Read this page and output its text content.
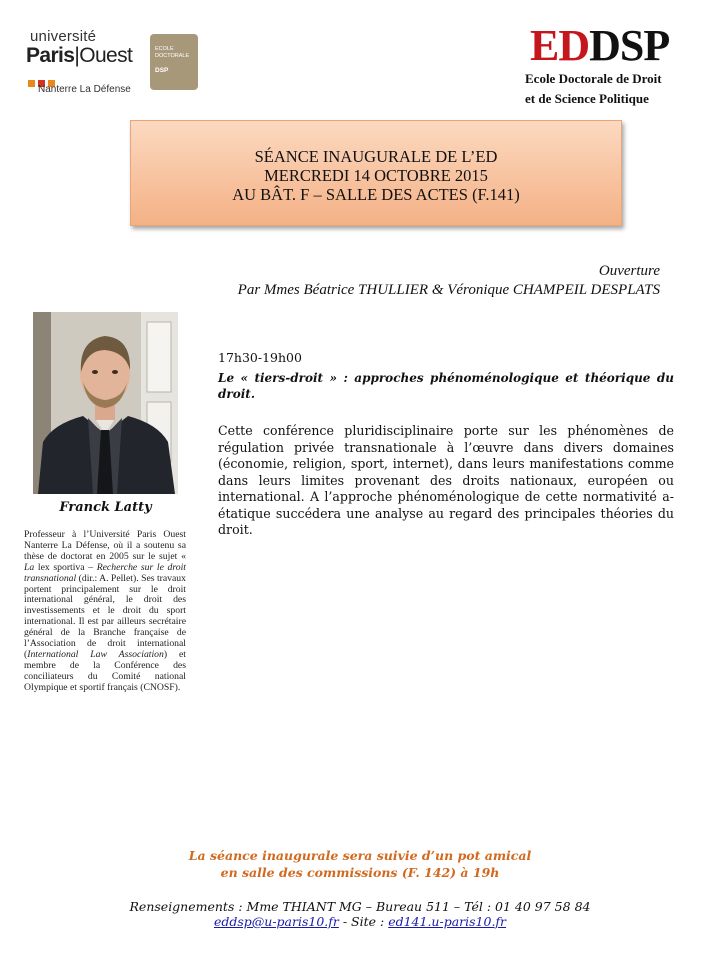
université
Paris|Ouest
Nanterre La Défense
ECOLE DOCTORALE
DSP
EDDSP
Ecole Doctorale de Droit
et de Science Politique
SÉANCE INAUGURALE DE L’ED
MERCREDI 14 OCTOBRE 2015
AU BÂT. F – SALLE DES ACTES (F.141)
Ouverture
Par Mmes Béatrice THULLIER & Véronique CHAMPEIL DESPLATS
Franck Latty
Professeur à l’Université Paris Ouest Nanterre La Défense, où il a soutenu sa thèse de doctorat en 2005 sur le sujet « La lex sportiva – Recherche sur le droit transnational (dir.: A. Pellet). Ses travaux portent principalement sur le droit international général, le droit des investissements et le droit du sport international. Il est par ailleurs secrétaire général de la Branche française de l’Association de droit international (International Law Association) et membre de la Conférence des conciliateurs du Comité national Olympique et sportif français (CNOSF).
17h30-19h00
Le « tiers-droit » : approches phénoménologique et théorique du droit.
Cette conférence pluridisciplinaire porte sur les phénomènes de régulation privée transnationale à l’œuvre dans divers domaines (économie, religion, sport, internet), dans leurs manifestations comme dans leurs limites provenant des droits nationaux, européen ou international. A l’approche phénoménologique de cette normativité a-étatique succédera une analyse au regard des principales théories du droit.
La séance inaugurale sera suivie d’un pot amical
en salle des commissions (F. 142) à 19h
Renseignements : Mme THIANT MG – Bureau 511 – Tél : 01 40 97 58 84
eddsp@u-paris10.fr - Site : ed141.u-paris10.fr
